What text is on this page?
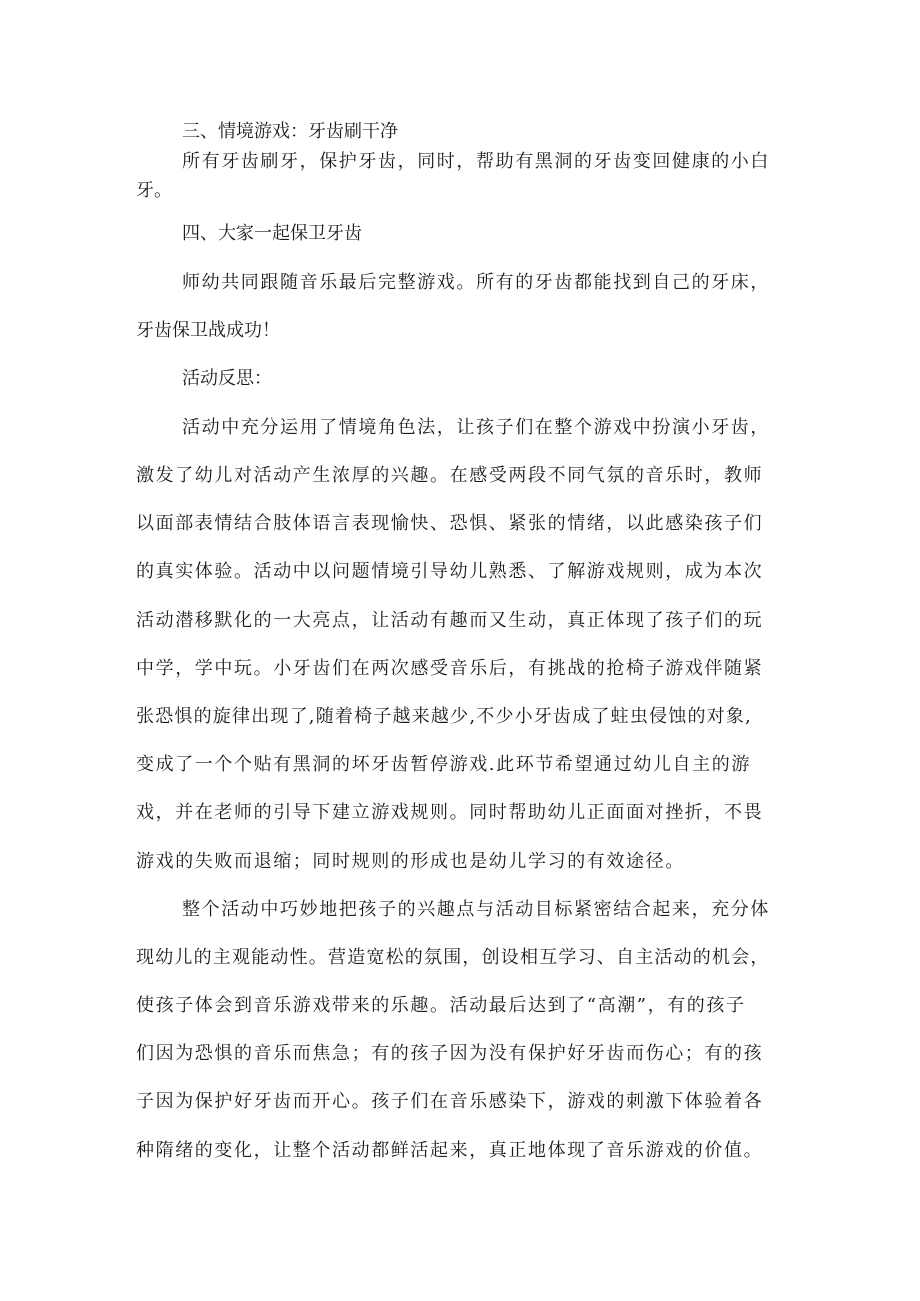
三、情境游戏：牙齿刷干净

所有牙齿刷牙，保护牙齿，同时，帮助有黑洞的牙齿变回健康的小白

牙。

四、大家一起保卫牙齿

师幼共同跟随音乐最后完整游戏。所有的牙齿都能找到自己的牙床，

牙齿保卫战成功！

活动反思：

活动中充分运用了情境角色法，让孩子们在整个游戏中扮演小牙齿，

激发了幼儿对活动产生浓厚的兴趣。在感受两段不同气氛的音乐时，教师

以面部表情结合肢体语言表现愉快、恐惧、紧张的情绪，以此感染孩子们

的真实体验。活动中以问题情境引导幼儿熟悉、了解游戏规则，成为本次

活动潜移默化的一大亮点，让活动有趣而又生动，真正体现了孩子们的玩

中学，学中玩。小牙齿们在两次感受音乐后，有挑战的抢椅子游戏伴随紧

张恐惧的旋律出现了,随着椅子越来越少,不少小牙齿成了蛀虫侵蚀的对象,

变成了一个个贴有黑洞的坏牙齿暂停游戏.此环节希望通过幼儿自主的游

戏，并在老师的引导下建立游戏规则。同时帮助幼儿正面面对挫折，不畏

游戏的失败而退缩；同时规则的形成也是幼儿学习的有效途径。

整个活动中巧妙地把孩子的兴趣点与活动目标紧密结合起来，充分体

现幼儿的主观能动性。营造宽松的氛围，创设相互学习、自主活动的机会，

使孩子体会到音乐游戏带来的乐趣。活动最后达到了“高潮”，有的孩子

们因为恐惧的音乐而焦急；有的孩子因为没有保护好牙齿而伤心；有的孩

子因为保护好牙齿而开心。孩子们在音乐感染下，游戏的刺激下体验着各

种隋绪的变化，让整个活动都鲜活起来，真正地体现了音乐游戏的价值。
